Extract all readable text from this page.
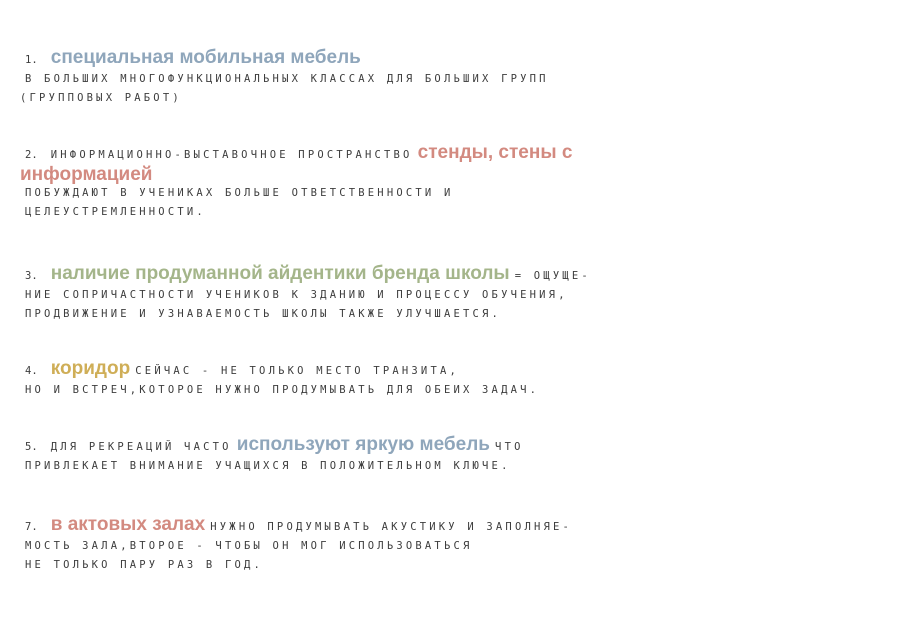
1. специальная мобильная мебель
В БОЛЬШИХ МНОГОФУНКЦИОНАЛЬНЫХ КЛАССАХ ДЛЯ БОЛЬШИХ ГРУПП
(ГРУППОВЫХ РАБОТ)
2. ИНФОРМАЦИОННО-ВЫСТАВОЧНОЕ ПРОСТРАНСТВО стенды, стены с
информацией
ПОБУЖДАЮТ В УЧЕНИКАХ БОЛЬШЕ ОТВЕТСТВЕННОСТИ И
ЦЕЛЕУСТРЕМЛЕННОСТИ.
3. наличие продуманной айдентики бренда школы = ОЩУЩЕ-
НИЕ СОПРИЧАСТНОСТИ УЧЕНИКОВ К ЗДАНИЮ И ПРОЦЕССУ ОБУЧЕНИЯ,
ПРОДВИЖЕНИЕ И УЗНАВАЕМОСТЬ ШКОЛЫ ТАКЖЕ УЛУЧШАЕТСЯ.
4. коридор СЕЙЧАС - НЕ ТОЛЬКО МЕСТО ТРАНЗИТА,
НО И ВСТРЕЧ,КОТОРОЕ НУЖНО ПРОДУМЫВАТЬ ДЛЯ ОБЕИХ ЗАДАЧ.
5. ДЛЯ РЕКРЕАЦИЙ ЧАСТО используют яркую мебель ЧТО
ПРИВЛЕКАЕТ ВНИМАНИЕ УЧАЩИХСЯ В ПОЛОЖИТЕЛЬНОМ КЛЮЧЕ.
7. в актовых залах НУЖНО ПРОДУМЫВАТЬ АКУСТИКУ И ЗАПОЛНЯЕ-
МОСТЬ ЗАЛА,ВТОРОЕ - ЧТОБЫ ОН МОГ ИСПОЛЬЗОВАТЬСЯ
НЕ ТОЛЬКО ПАРУ РАЗ В ГОД.
